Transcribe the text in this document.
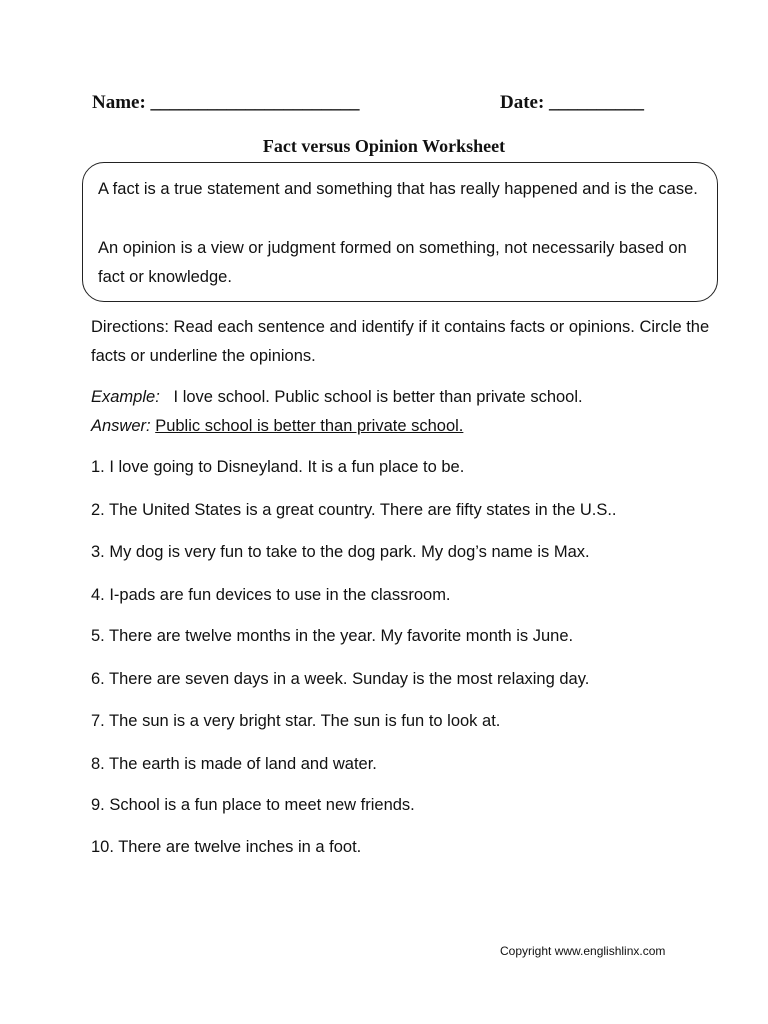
Name: ______________________	Date: __________
Fact versus Opinion Worksheet
A fact is a true statement and something that has really happened and is the case.
An opinion is a view or judgment formed on something, not necessarily based on fact or knowledge.
Directions: Read each sentence and identify if it contains facts or opinions. Circle the facts or underline the opinions.
Example: I love school. Public school is better than private school.
Answer: Public school is better than private school.
1. I love going to Disneyland. It is a fun place to be.
2. The United States is a great country. There are fifty states in the U.S..
3. My dog is very fun to take to the dog park. My dog’s name is Max.
4. I-pads are fun devices to use in the classroom.
5. There are twelve months in the year. My favorite month is June.
6. There are seven days in a week. Sunday is the most relaxing day.
7. The sun is a very bright star. The sun is fun to look at.
8. The earth is made of land and water.
9. School is a fun place to meet new friends.
10. There are twelve inches in a foot.
Copyright www.englishlinx.com
